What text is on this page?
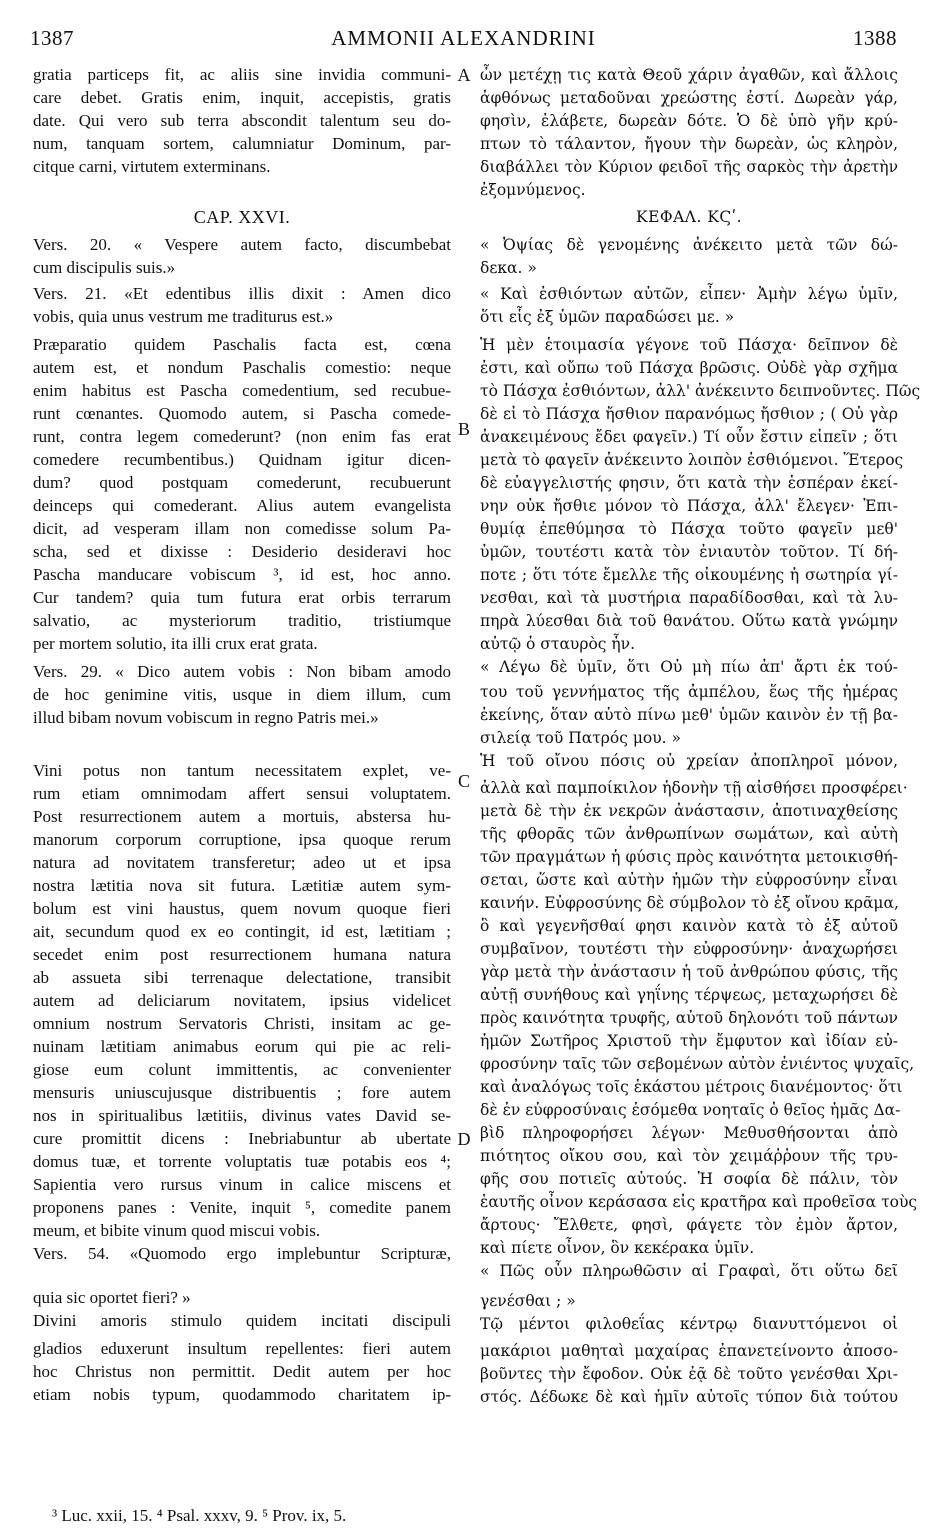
1387	AMMONII ALEXANDRINI	1388
gratia particeps fit, ac aliis sine invidia communi-
care debet. Gratis enim, inquit, accepistis, gratis
date. Qui vero sub terra abscondit talentum seu do-
num, tanquam sortem, calumniatur Dominum, par-
citque carni, virtutem exterminans.
CAP. XXVI.
Vers. 20. « Vespere autem facto, discumbebat
cum discipulis suis.»
Vers. 21. «Et edentibus illis dixit : Amen dico
vobis, quia unus vestrum me traditurus est.»
Præparatio quidem Paschalis facta est, cœna
autem est, et nondum Paschalis comestio: neque
enim habitus est Pascha comedentium, sed recubue-
runt cœnantes. Quomodo autem, si Pascha comede-
runt, contra legem comederunt? (non enim fas erat
comedere recumbentibus.) Quidnam igitur dicen-
dum? quod postquam comederunt, recubuerunt
deinceps qui comederant. Alius autem evangelista
dicit, ad vesperam illam non comedisse solum Pa-
scha, sed et dixisse : Desiderio desideravi hoc
Pascha manducare vobiscum ³, id est, hoc anno.
Cur tandem? quia tum futura erat orbis terrarum
salvatio, ac mysteriorum traditio, tristiumque
per mortem solutio, ita illi crux erat grata.
Vers. 29. « Dico autem vobis : Non bibam amodo
de hoc genimine vitis, usque in diem illum, cum
illud bibam novum vobiscum in regno Patris mei.»
Vini potus non tantum necessitatem explet, ve-
rum etiam omnimodam affert sensui voluptatem.
Post resurrectionem autem a mortuis, abstersa hu-
manorum corporum corruptione, ipsa quoque rerum
natura ad novitatem transferetur; adeo ut et ipsa
nostra lætitia nova sit futura. Lætitiæ autem sym-
bolum est vini haustus, quem novum quoque fieri
ait, secundum quod ex eo contingit, id est, lætitiam ;
secedet enim post resurrectionem humana natura
ab assueta sibi terrenaque delectatione, transibit
autem ad deliciarum novitatem, ipsius videlicet
omnium nostrum Servatoris Christi, insitam ac ge-
nuinam lætitiam animabus eorum qui pie ac reli-
giose eum colunt immittentis, ac convenienter
mensuris uniuscujusque distribuentis ; fore autem
nos in spiritualibus lætitiis, divinus vates David se-
cure promittit dicens : Inebriabuntur ab ubertate
domus tuæ, et torrente voluptatis tuæ potabis eos ⁴;
Sapientia vero rursus vinum in calice miscens et
proponens panes : Venite, inquit ⁵, comedite panem
meum, et bibite vinum quod miscui vobis.
Vers. 54. «Quomodo ergo implebuntur Scripturæ,
quia sic oportet fieri? »
Divini amoris stimulo quidem incitati discipuli
gladios eduxerunt insultum repellentes: fieri autem
hoc Christus non permittit. Dedit autem per hoc
etiam nobis typum, quodammodo charitatem ip-
ὧν μετέχῃ τις κατὰ Θεοῦ χάριν ἀγαθῶν, καὶ ἄλλοις
ἀφθόνως μεταδοῦναι χρεώστης ἐστί. Δωρεὰν γάρ,
φησὶν, ἐλάβετε, δωρεὰν δότε. Ὁ δὲ ὑπὸ γῆν κρύ-
πτων τὸ τάλαντον, ἤγουν τὴν δωρεὰν, ὡς κληρὸν,
διαβάλλει τὸν Κύριον φειδοῖ τῆς σαρκὸς τὴν ἀρετὴν
ἐξομνύμενος.
ΚΕΦΑΛ. ΚϚʹ.
« Ὀψίας δὲ γενομένης ἀνέκειτο μετὰ τῶν δώ-
δεκα. »
« Καὶ ἐσθιόντων αὐτῶν, εἶπεν· Ἀμὴν λέγω ὑμῖν,
ὅτι εἷς ἐξ ὑμῶν παραδώσει με. »
Ἡ μὲν ἑτοιμασία γέγονε τοῦ Πάσχα· δεῖπνον δὲ
ἐστι, καὶ οὔπω τοῦ Πάσχα βρῶσις. Οὐδὲ γὰρ σχῆμα
τὸ Πάσχα ἐσθιόντων, ἀλλ' ἀνέκειντο δειπνοῦντες. Πῶς
δὲ εἰ τὸ Πάσχα ἤσθιον παρανόμως ἤσθιον ; ( Οὐ γὰρ
ἀνακειμένους ἔδει φαγεῖν.) Τί οὖν ἔστιν εἰπεῖν ; ὅτι
μετὰ τὸ φαγεῖν ἀνέκειντο λοιπὸν ἐσθιόμενοι. Ἕτερος
δὲ εὐαγγελιστής φησιν, ὅτι κατὰ τὴν ἑσπέραν ἐκεί-
νην οὐκ ἤσθιε μόνον τὸ Πάσχα, ἀλλ' ἔλεγεν· Ἐπι-
θυμίᾳ ἐπεθύμησα τὸ Πάσχα τοῦτο φαγεῖν μεθ'
ὑμῶν, τουτέστι κατὰ τὸν ἐνιαυτὸν τοῦτον. Τί δή-
ποτε ; ὅτι τότε ἔμελλε τῆς οἰκουμένης ἡ σωτηρία γί-
νεσθαι, καὶ τὰ μυστήρια παραδίδοσθαι, καὶ τὰ λυ-
πηρὰ λύεσθαι διὰ τοῦ θανάτου. Οὕτω κατὰ γνώμην
αὐτῷ ὁ σταυρὸς ἦν.
« Λέγω δὲ ὑμῖν, ὅτι Οὐ μὴ πίω ἀπ' ἄρτι ἐκ τού-
του τοῦ γεννήματος τῆς ἀμπέλου, ἕως τῆς ἡμέρας
ἐκείνης, ὅταν αὐτὸ πίνω μεθ' ὑμῶν καινὸν ἐν τῇ βα-
σιλείᾳ τοῦ Πατρός μου. »
Ἡ τοῦ οἴνου πόσις οὐ χρείαν ἀποπληροῖ μόνον,
ἀλλὰ καὶ παμποίκιλον ἡδονὴν τῇ αἰσθήσει προσφέρει·
μετὰ δὲ τὴν ἐκ νεκρῶν ἀνάστασιν, ἀποτιναχθείσης
τῆς φθορᾶς τῶν ἀνθρωπίνων σωμάτων, καὶ αὐτὴ
τῶν πραγμάτων ἡ φύσις πρὸς καινότητα μετοικισθή-
σεται, ὥστε καὶ αὐτὴν ἡμῶν τὴν εὐφροσύνην εἶναι
καινήν. Εὐφροσύνης δὲ σύμβολον τὸ ἐξ οἴνου κρᾶμα,
ὃ καὶ γεγενῆσθαί φησι καινὸν κατὰ τὸ ἐξ αὐτοῦ
συμβαῖνον, τουτέστι τὴν εὐφροσύνην· ἀναχωρήσει
γὰρ μετὰ τὴν ἀνάστασιν ἡ τοῦ ἀνθρώπου φύσις, τῆς
αὐτῇ συνήθους καὶ γηΐνης τέρψεως, μεταχωρήσει δὲ
πρὸς καινότητα τρυφῆς, αὐτοῦ δηλονότι τοῦ πάντων
ἡμῶν Σωτῆρος Χριστοῦ τὴν ἔμφυτον καὶ ἰδίαν εὐ-
φροσύνην ταῖς τῶν σεβομένων αὐτὸν ἐνιέντος ψυχαῖς,
καὶ ἀναλόγως τοῖς ἑκάστου μέτροις διανέμοντος· ὅτι
δὲ ἐν εὐφροσύναις ἐσόμεθα νοηταῖς ὁ θεῖος ἡμᾶς Δα-
βὶδ πληροφορήσει λέγων· Μεθυσθήσονται ἀπὸ
πιότητος οἴκου σου, καὶ τὸν χειμάῤῥουν τῆς τρυ-
φῆς σου ποτιεῖς αὐτούς. Ἡ σοφία δὲ πάλιν, τὸν
ἑαυτῆς οἶνον κεράσασα εἰς κρατῆρα καὶ προθεῖσα τοὺς
ἄρτους· Ἔλθετε, φησὶ, φάγετε τὸν ἐμὸν ἄρτον,
καὶ πίετε οἶνον, ὃν κεκέρακα ὑμῖν.
« Πῶς οὖν πληρωθῶσιν αἱ Γραφαὶ, ὅτι οὕτω δεῖ
γενέσθαι ; »
Τῷ μέντοι φιλοθεΐας κέντρῳ διανυττόμενοι οἱ
μακάριοι μαθηταὶ μαχαίρας ἐπανετείνοντο ἀποσο-
βοῦντες τὴν ἔφοδον. Οὐκ ἐᾷ δὲ τοῦτο γενέσθαι Χρι-
στός. Δέδωκε δὲ καὶ ἡμῖν αὐτοῖς τύπον διὰ τούτου
A
B
C
D
³ Luc. xxii, 15. ⁴ Psal. xxxv, 9. ⁵ Prov. ix, 5.
